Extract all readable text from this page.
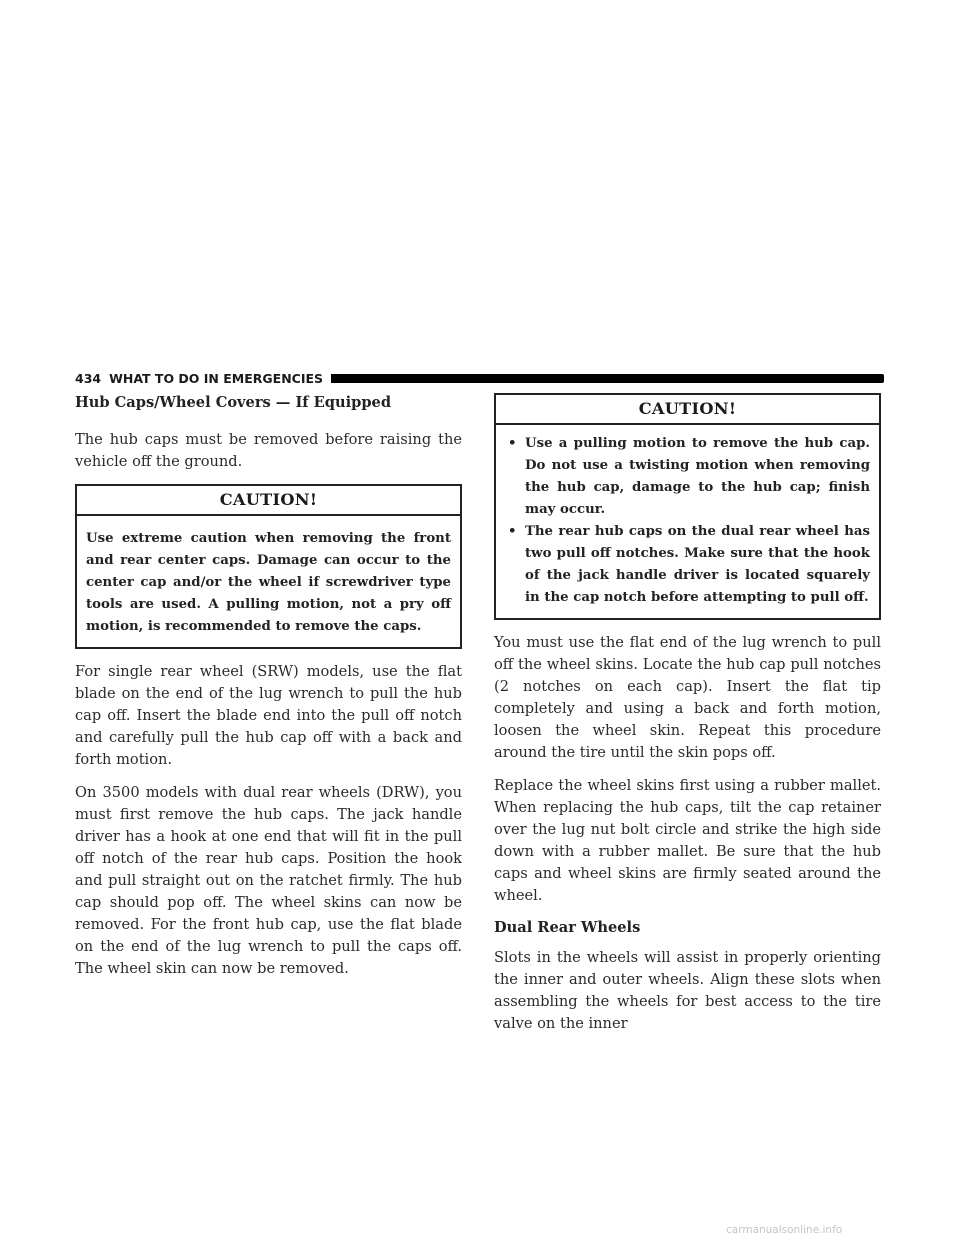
434 WHAT TO DO IN EMERGENCIES
Hub Caps/Wheel Covers — If Equipped

The hub caps must be removed before raising the vehicle off the ground.

CAUTION!
Use extreme caution when removing the front and rear center caps. Damage can occur to the center cap and/or the wheel if screwdriver type tools are used. A pulling motion, not a pry off motion, is recommended to remove the caps.

For single rear wheel (SRW) models, use the flat blade on the end of the lug wrench to pull the hub cap off. Insert the blade end into the pull off notch and carefully pull the hub cap off with a back and forth motion.

On 3500 models with dual rear wheels (DRW), you must first remove the hub caps. The jack handle driver has a hook at one end that will fit in the pull off notch of the rear hub caps. Position the hook and pull straight out on the ratchet firmly. The hub cap should pop off. The wheel skins can now be removed. For the front hub cap, use the flat blade on the end of the lug wrench to pull the caps off. The wheel skin can now be removed.

CAUTION!
• Use a pulling motion to remove the hub cap. Do not use a twisting motion when removing the hub cap, damage to the hub cap; finish may occur.
• The rear hub caps on the dual rear wheel has two pull off notches. Make sure that the hook of the jack handle driver is located squarely in the cap notch before attempting to pull off.

You must use the flat end of the lug wrench to pull off the wheel skins. Locate the hub cap pull notches (2 notches on each cap). Insert the flat tip completely and using a back and forth motion, loosen the wheel skin. Repeat this procedure around the tire until the skin pops off.

Replace the wheel skins first using a rubber mallet. When replacing the hub caps, tilt the cap retainer over the lug nut bolt circle and strike the high side down with a rubber mallet. Be sure that the hub caps and wheel skins are firmly seated around the wheel.

Dual Rear Wheels

Slots in the wheels will assist in properly orienting the inner and outer wheels. Align these slots when assembling the wheels for best access to the tire valve on the inner

carmanualsonline.info
